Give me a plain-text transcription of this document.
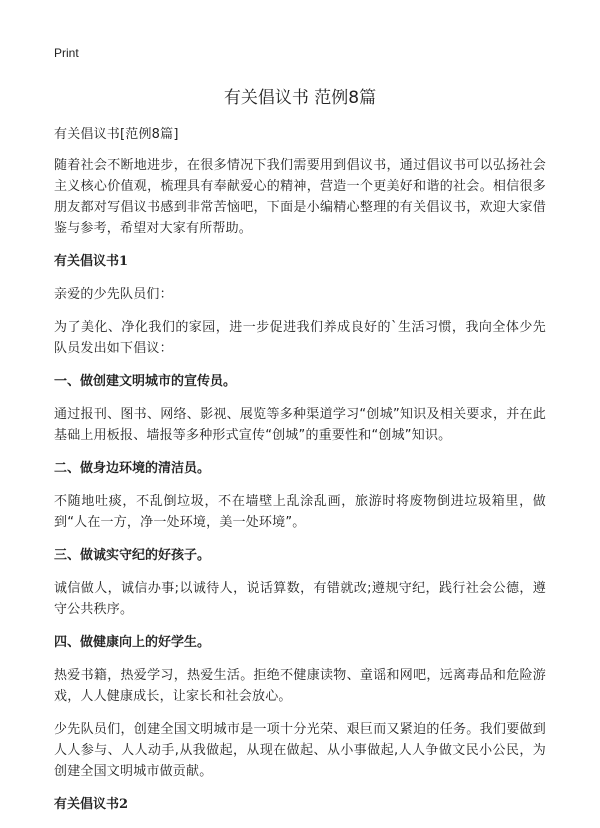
Print
有关倡议书 范例8篇

有关倡议书[范例8篇]

随着社会不断地进步，在很多情况下我们需要用到倡议书，通过倡议书可以弘扬社会主义核心价值观，梳理具有奉献爱心的精神，营造一个更美好和谐的社会。相信很多朋友都对写倡议书感到非常苦恼吧，下面是小编精心整理的有关倡议书，欢迎大家借鉴与参考，希望对大家有所帮助。

有关倡议书1

亲爱的少先队员们：

为了美化、净化我们的家园，进一步促进我们养成良好的`生活习惯，我向全体少先队员发出如下倡议：

一、做创建文明城市的宣传员。

通过报刊、图书、网络、影视、展览等多种渠道学习“创城”知识及相关要求，并在此基础上用板报、墙报等多种形式宣传“创城”的重要性和“创城”知识。

二、做身边环境的清洁员。

不随地吐痰，不乱倒垃圾，不在墙壁上乱涂乱画，旅游时将废物倒进垃圾箱里，做到“人在一方，净一处环境，美一处环境”。

三、做诚实守纪的好孩子。

诚信做人，诚信办事;以诚待人，说话算数，有错就改;遵规守纪，践行社会公德，遵守公共秩序。

四、做健康向上的好学生。

热爱书籍，热爱学习，热爱生活。拒绝不健康读物、童谣和网吧，远离毒品和危险游戏，人人健康成长，让家长和社会放心。

少先队员们，创建全国文明城市是一项十分光荣、艰巨而又紧迫的任务。我们要做到人人参与、人人动手,从我做起，从现在做起、从小事做起,人人争做文民小公民，为创建全国文明城市做贡献。

有关倡议书2
